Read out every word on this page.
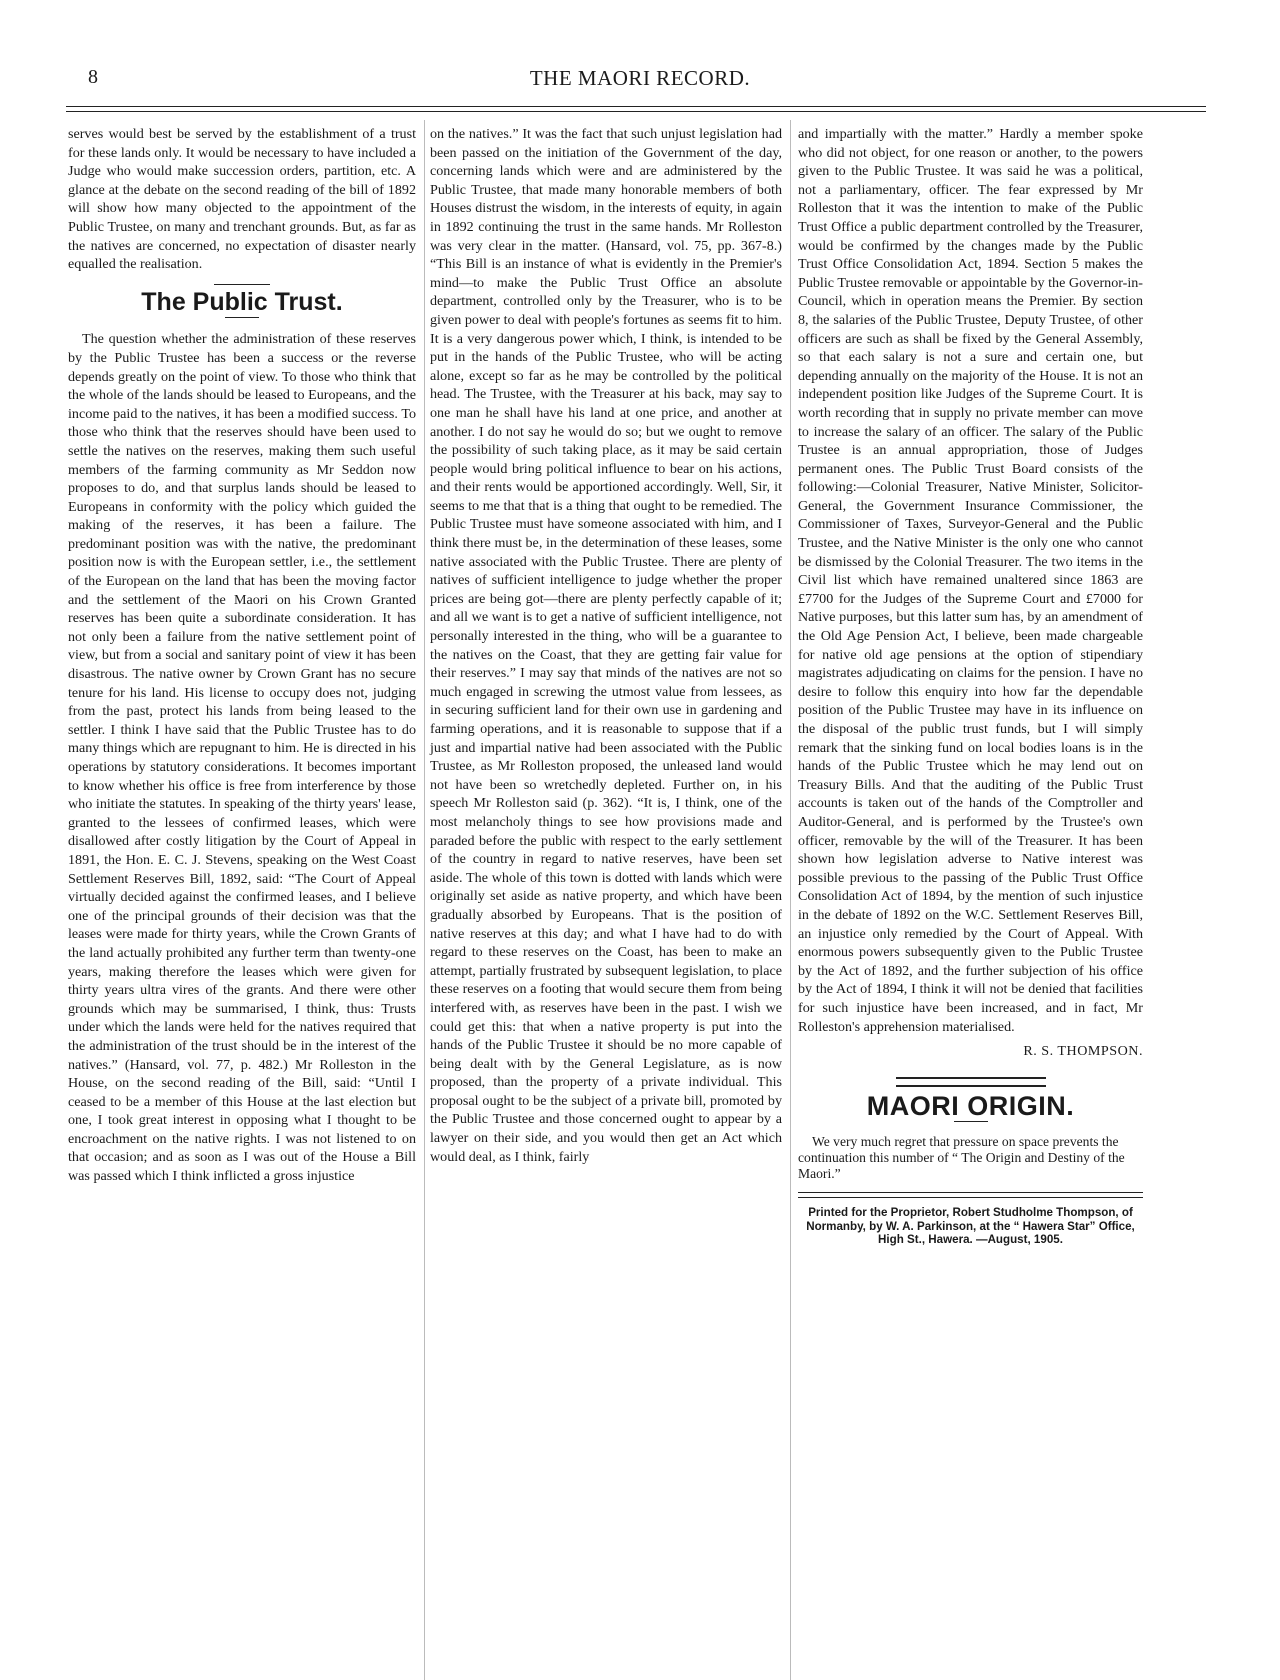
8	THE MAORI RECORD.

serves would best be served by the establishment of a trust for these lands only. It would be necessary to have included a Judge who would make succession orders, partition, etc. A glance at the debate on the second reading of the bill of 1892 will show how many objected to the appointment of the Public Trustee, on many and trenchant grounds. But, as far as the natives are concerned, no expectation of disaster nearly equalled the realisation.

The Public Trust.

The question whether the administration of these reserves by the Public Trustee has been a success or the reverse depends greatly on the point of view. To those who think that the whole of the lands should be leased to Europeans, and the income paid to the natives, it has been a modified success. To those who think that the reserves should have been used to settle the natives on the reserves, making them such useful members of the farming community as Mr Seddon now proposes to do, and that surplus lands should be leased to Europeans in conformity with the policy which guided the making of the reserves, it has been a failure. The predominant position was with the native, the predominant position now is with the European settler, i.e., the settlement of the European on the land that has been the moving factor and the settlement of the Maori on his Crown Granted reserves has been quite a subordinate consideration. It has not only been a failure from the native settlement point of view, but from a social and sanitary point of view it has been disastrous. The native owner by Crown Grant has no secure tenure for his land. His license to occupy does not, judging from the past, protect his lands from being leased to the settler. I think I have said that the Public Trustee has to do many things which are repugnant to him. He is directed in his operations by statutory considerations. It becomes important to know whether his office is free from interference by those who initiate the statutes. In speaking of the thirty years' lease, granted to the lessees of confirmed leases, which were disallowed after costly litigation by the Court of Appeal in 1891, the Hon. E. C. J. Stevens, speaking on the West Coast Settlement Reserves Bill, 1892, said: “The Court of Appeal virtually decided against the confirmed leases, and I believe one of the principal grounds of their decision was that the leases were made for thirty years, while the Crown Grants of the land actually prohibited any further term than twenty-one years, making therefore the leases which were given for thirty years ultra vires of the grants. And there were other grounds which may be summarised, I think, thus: Trusts under which the lands were held for the natives required that the administration of the trust should be in the interest of the natives.” (Hansard, vol. 77, p. 482.) Mr Rolleston in the House, on the second reading of the Bill, said: “Until I ceased to be a member of this House at the last election but one, I took great interest in opposing what I thought to be encroachment on the native rights. I was not listened to on that occasion; and as soon as I was out of the House a Bill was passed which I think inflicted a gross injustice

on the natives.” It was the fact that such unjust legislation had been passed on the initiation of the Government of the day, concerning lands which were and are administered by the Public Trustee, that made many honorable members of both Houses distrust the wisdom, in the interests of equity, in again in 1892 continuing the trust in the same hands. Mr Rolleston was very clear in the matter. (Hansard, vol. 75, pp. 367-8.) “This Bill is an instance of what is evidently in the Premier's mind—to make the Public Trust Office an absolute department, controlled only by the Treasurer, who is to be given power to deal with people's fortunes as seems fit to him. It is a very dangerous power which, I think, is intended to be put in the hands of the Public Trustee, who will be acting alone, except so far as he may be controlled by the political head. The Trustee, with the Treasurer at his back, may say to one man he shall have his land at one price, and another at another. I do not say he would do so; but we ought to remove the possibility of such taking place, as it may be said certain people would bring political influence to bear on his actions, and their rents would be apportioned accordingly. Well, Sir, it seems to me that that is a thing that ought to be remedied. The Public Trustee must have someone associated with him, and I think there must be, in the determination of these leases, some native associated with the Public Trustee. There are plenty of natives of sufficient intelligence to judge whether the proper prices are being got—there are plenty perfectly capable of it; and all we want is to get a native of sufficient intelligence, not personally interested in the thing, who will be a guarantee to the natives on the Coast, that they are getting fair value for their reserves.” I may say that minds of the natives are not so much engaged in screwing the utmost value from lessees, as in securing sufficient land for their own use in gardening and farming operations, and it is reasonable to suppose that if a just and impartial native had been associated with the Public Trustee, as Mr Rolleston proposed, the unleased land would not have been so wretchedly depleted. Further on, in his speech Mr Rolleston said (p. 362). “It is, I think, one of the most melancholy things to see how provisions made and paraded before the public with respect to the early settlement of the country in regard to native reserves, have been set aside. The whole of this town is dotted with lands which were originally set aside as native property, and which have been gradually absorbed by Europeans. That is the position of native reserves at this day; and what I have had to do with regard to these reserves on the Coast, has been to make an attempt, partially frustrated by subsequent legislation, to place these reserves on a footing that would secure them from being interfered with, as reserves have been in the past. I wish we could get this: that when a native property is put into the hands of the Public Trustee it should be no more capable of being dealt with by the General Legislature, as is now proposed, than the property of a private individual. This proposal ought to be the subject of a private bill, promoted by the Public Trustee and those concerned ought to appear by a lawyer on their side, and you would then get an Act which would deal, as I think, fairly

and impartially with the matter.” Hardly a member spoke who did not object, for one reason or another, to the powers given to the Public Trustee. It was said he was a political, not a parliamentary, officer. The fear expressed by Mr Rolleston that it was the intention to make of the Public Trust Office a public department controlled by the Treasurer, would be confirmed by the changes made by the Public Trust Office Consolidation Act, 1894. Section 5 makes the Public Trustee removable or appointable by the Governor-in-Council, which in operation means the Premier. By section 8, the salaries of the Public Trustee, Deputy Trustee, of other officers are such as shall be fixed by the General Assembly, so that each salary is not a sure and certain one, but depending annually on the majority of the House. It is not an independent position like Judges of the Supreme Court. It is worth recording that in supply no private member can move to increase the salary of an officer. The salary of the Public Trustee is an annual appropriation, those of Judges permanent ones. The Public Trust Board consists of the following:—Colonial Treasurer, Native Minister, Solicitor-General, the Government Insurance Commissioner, the Commissioner of Taxes, Surveyor-General and the Public Trustee, and the Native Minister is the only one who cannot be dismissed by the Colonial Treasurer. The two items in the Civil list which have remained unaltered since 1863 are £7700 for the Judges of the Supreme Court and £7000 for Native purposes, but this latter sum has, by an amendment of the Old Age Pension Act, I believe, been made chargeable for native old age pensions at the option of stipendiary magistrates adjudicating on claims for the pension. I have no desire to follow this enquiry into how far the dependable position of the Public Trustee may have in its influence on the disposal of the public trust funds, but I will simply remark that the sinking fund on local bodies loans is in the hands of the Public Trustee which he may lend out on Treasury Bills. And that the auditing of the Public Trust accounts is taken out of the hands of the Comptroller and Auditor-General, and is performed by the Trustee's own officer, removable by the will of the Treasurer. It has been shown how legislation adverse to Native interest was possible previous to the passing of the Public Trust Office Consolidation Act of 1894, by the mention of such injustice in the debate of 1892 on the W.C. Settlement Reserves Bill, an injustice only remedied by the Court of Appeal. With enormous powers subsequently given to the Public Trustee by the Act of 1892, and the further subjection of his office by the Act of 1894, I think it will not be denied that facilities for such injustice have been increased, and in fact, Mr Rolleston's apprehension materialised.

R. S. THOMPSON.
MAORI ORIGIN.

We very much regret that pressure on space prevents the continuation this number of “ The Origin and Destiny of the Maori.”

Printed for the Proprietor, Robert Studholme Thompson, of Normanby, by W. A. Parkinson, at the “ Hawera Star” Office, High St., Hawera. —August, 1905.
